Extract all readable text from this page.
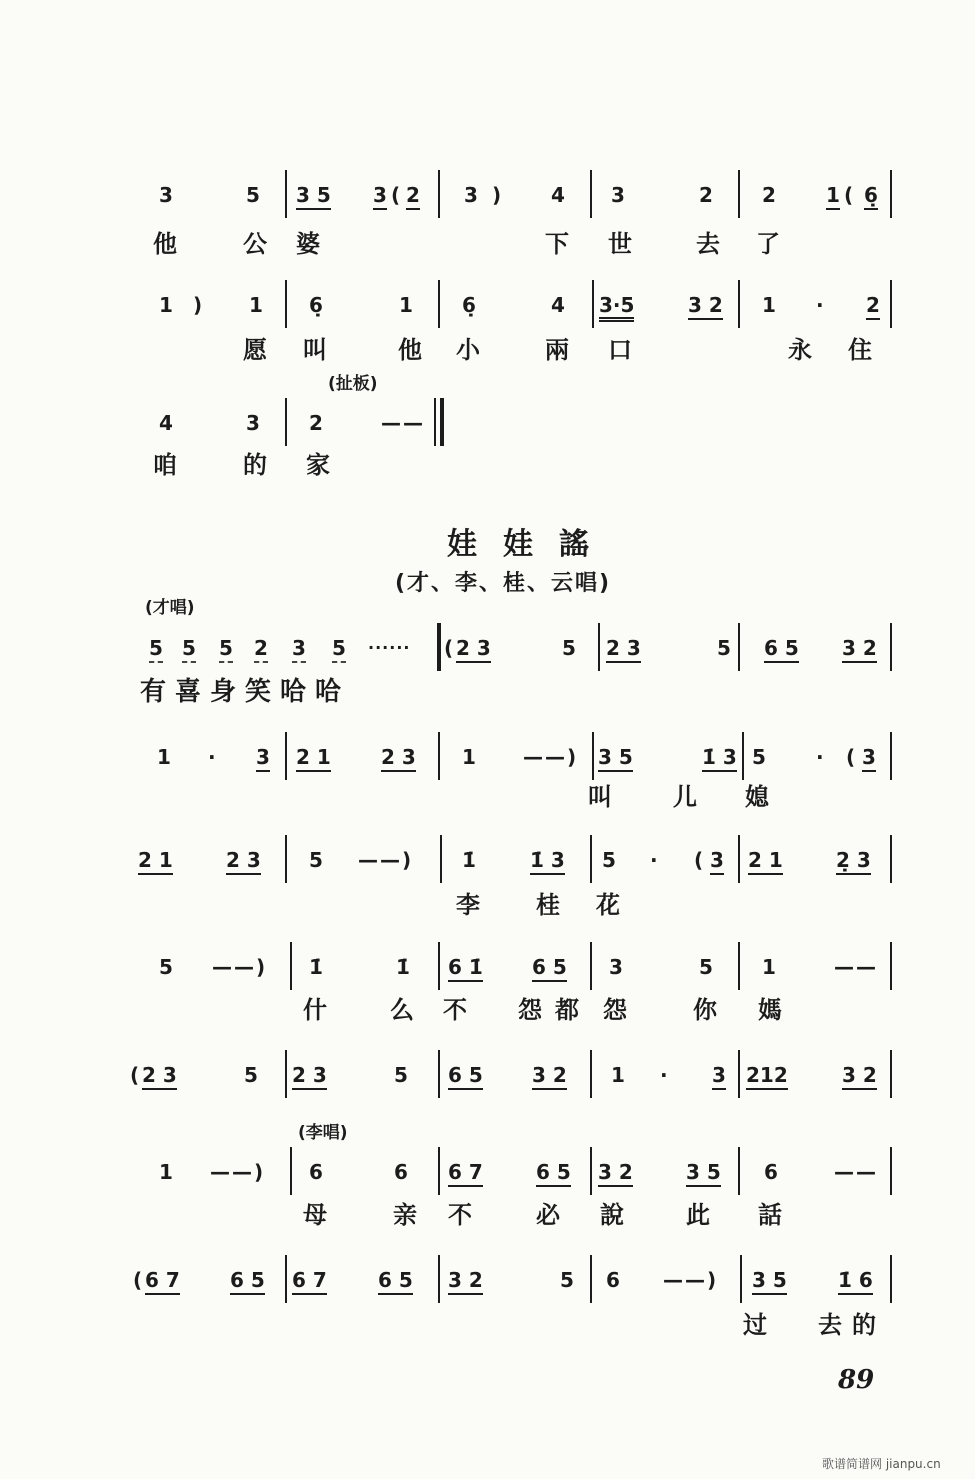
3	5 3 5 3 ( 2 3 ) 4 3	2 2	1 ( 6̣
他	公 婆	下 世	去 了
1 ) 1 6̣	1 6̣	4 3·5	3 2 1 · 2
愿 叫	他 小	兩 口	永 住
(扯板)
4	3 2	——
咱	的 家
娃娃謠
(才、李、桂、云唱)
(才唱)
5 5 5 2 3 5 ······ ( 2 3	5 2 3	5 6 5 3 2
有喜身笑哈哈
1 · 3 2 1	2 3 1 ——) 3 5	1̇ 3 5	· ( 3
叫	儿 媳
2 1	2 3 5 ——) 1̇	1̇ 3 5 · ( 3 2 1	2̣ 3
李 桂 花
5 ——) 1̇	1̇ 6 1̇ 6 5 3	5 1	——
什	么 不 怨 都 怨	你 媽
( 2 3	5 2 3	5 6 5 3 2 1 · 3 212	3 2
(李唱)
1 ——) 6	6 6 7	6 5 3 2	3 5 6	——
母	亲 不	必 說	此 話
( 6 7	6 5 6 7	6 5 3 2	5 6 ——) 3 5	1̇ 6
过 去 的
89
歌谱简谱网 jianpu.cn
